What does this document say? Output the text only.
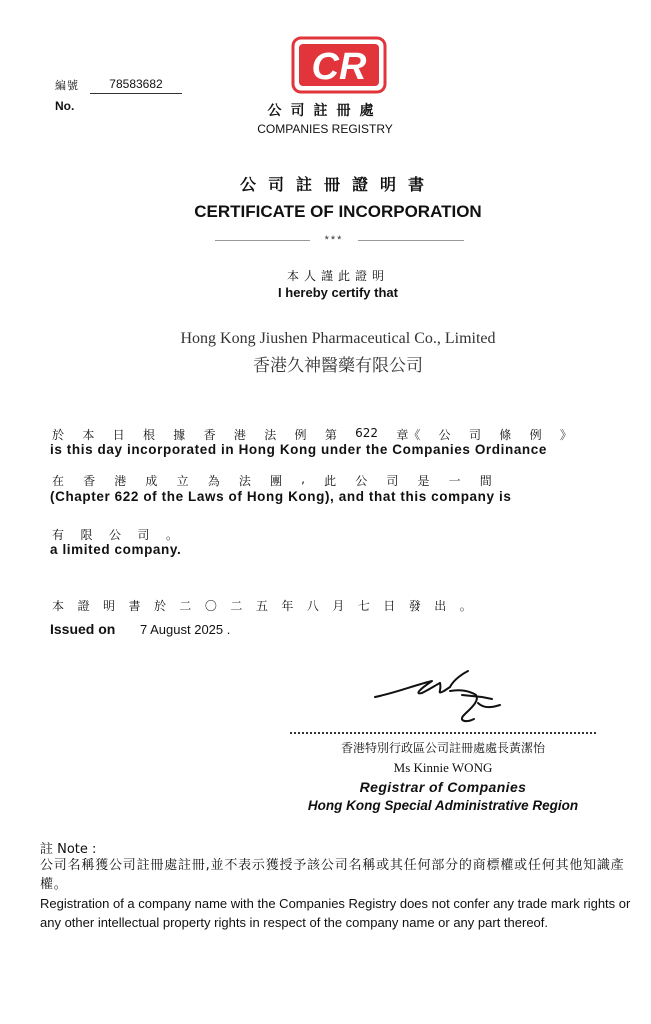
編號	78583682
No.
CR
公司註冊處
COMPANIES REGISTRY
公司註冊證明書
CERTIFICATE OF INCORPORATION
***
本人謹此證明
I hereby certify that
Hong Kong Jiushen Pharmaceutical Co., Limited
香港久神醫藥有限公司
於 本 日 根 據 香 港 法 例 第 622 章《 公 司 條 例 》
is this day incorporated in Hong Kong under the Companies Ordinance
在 香 港 成 立 為 法 團 , 此 公 司 是 一 間
(Chapter 622 of the Laws of Hong Kong), and that this company is
有 限 公 司 。
a limited company.
本 證 明 書 於 二 〇 二 五 年 八 月 七 日 發 出 。
Issued on 7 August 2025 .
香港特別行政區公司註冊處處長黃潔怡
Ms Kinnie WONG
Registrar of Companies
Hong Kong Special Administrative Region
註 Note :
公司名稱獲公司註冊處註冊,並不表示獲授予該公司名稱或其任何部分的商標權或任何其他知識產權。
Registration of a company name with the Companies Registry does not confer any trade mark rights or any other intellectual property rights in respect of the company name or any part thereof.
